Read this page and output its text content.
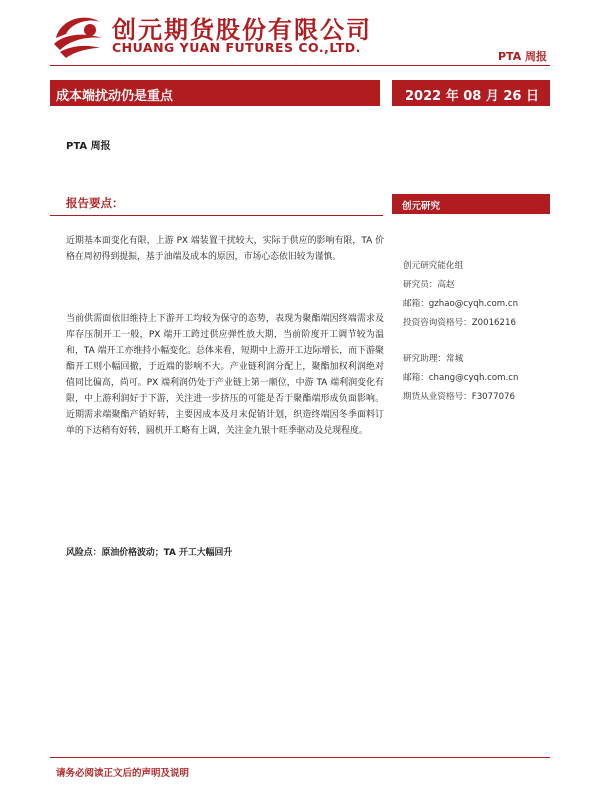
创元期货股份有限公司
CHUANG YUAN FUTURES CO.,LTD.
PTA 周报
成本端扰动仍是重点	2022 年 08 月 26 日
PTA 周报
报告要点：
近期基本面变化有限，上游 PX 端装置干扰较大，实际于供应的影响有限，TA 价格在周初得到提振，基于油端及成本的原因，市场心态依旧较为谨慎。
当前供需面依旧维持上下游开工均较为保守的态势，表现为聚酯端因终端需求及库存压制开工一般，PX 端开工跨过供应弹性放大期，当前阶度开工调节较为温和，TA 端开工亦维持小幅变化。总体来看，短期中上游开工边际增长，而下游聚酯开工则小幅回撤，于近端的影响不大。产业链利润分配上，聚酯加权利润绝对值同比偏高，尚可。PX 端利润仍处于产业链上第一顺位，中游 TA 端利润变化有限，中上游利润好于下游，关注进一步挤压的可能是否于聚酯端形成负面影响。近期需求端聚酯产销好转，主要因成本及月末促销计划，织造终端因冬季面料订单的下达稍有好转，圆机开工略有上调，关注金九银十旺季驱动及兑现程度。
风险点：原油价格波动；TA 开工大幅回升
创元研究
创元研究能化组
研究员：高赵
邮箱：gzhao@cyqh.com.cn
投资咨询资格号：Z0016216
研究助理：常城
邮箱：chang@cyqh.com.cn
期货从业资格号：F3077076
请务必阅读正文后的声明及说明
